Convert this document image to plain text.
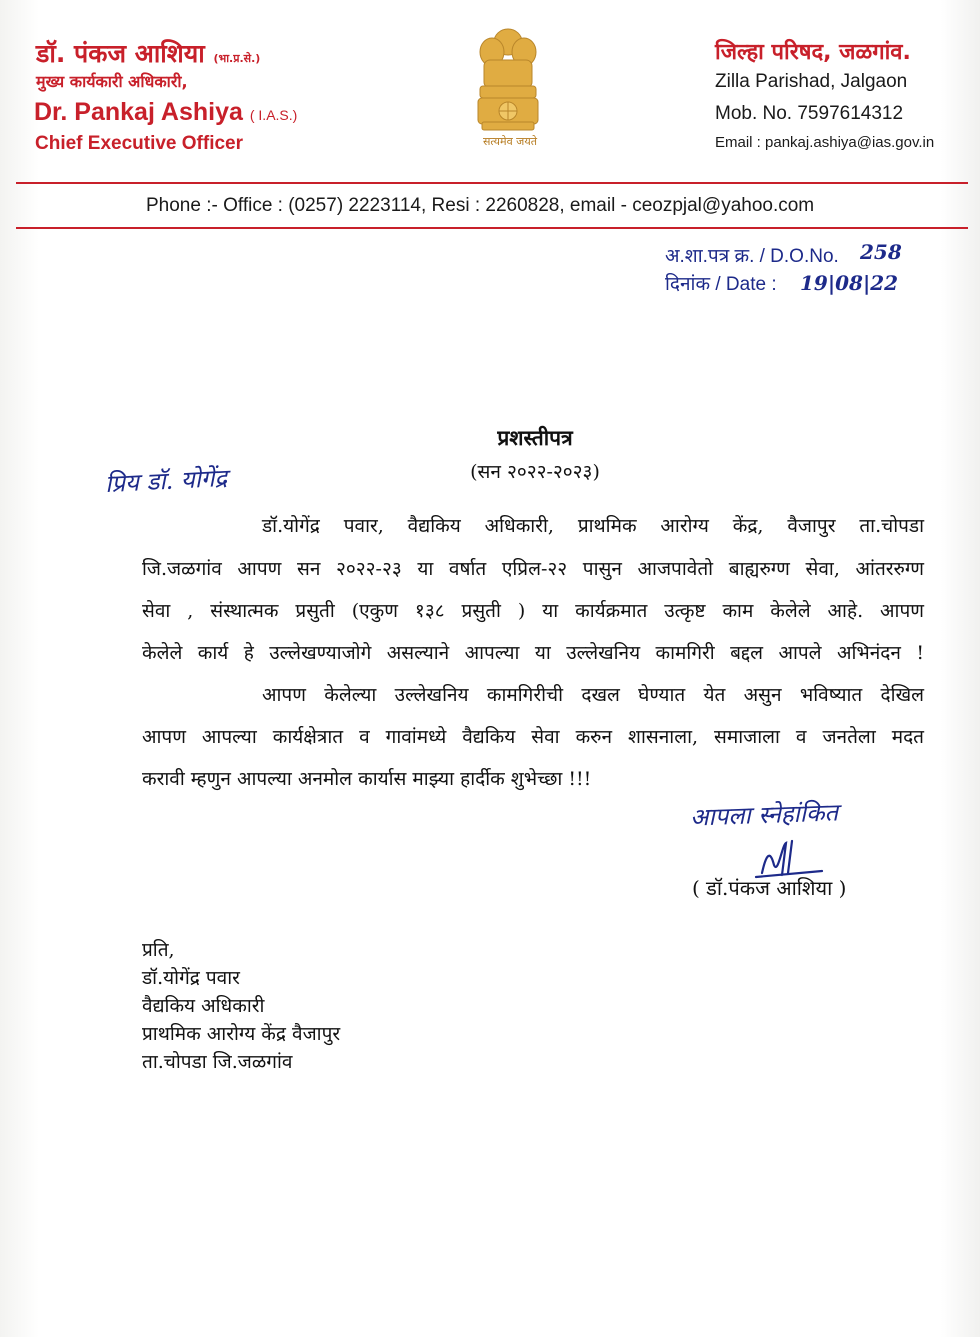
डॉ. पंकज आशिया (भा.प्र.से.)
मुख्य कार्यकारी अधिकारी,
Dr. Pankaj Ashiya ( I.A.S.)
Chief Executive Officer	सत्यमेव जयते
जिल्हा परिषद, जळगांव.
Zilla Parishad, Jalgaon
Mob. No. 7597614312
Email : pankaj.ashiya@ias.gov.in
Phone :- Office : (0257) 2223114, Resi : 2260828, email - ceozpjal@yahoo.com
अ.शा.पत्र क्र. / D.O.No. 258
दिनांक / Date : 19|08|22
प्रशस्तीपत्र
(सन २०२२-२०२३)
प्रिय डॉ. योगेंद्र
डॉ.योगेंद्र पवार, वैद्यकिय अधिकारी, प्राथमिक आरोग्य केंद्र, वैजापुर ता.चोपडा
जि.जळगांव आपण सन २०२२-२३ या वर्षात एप्रिल-२२ पासुन आजपावेतो बाह्यरुग्ण सेवा, आंतररुग्ण
सेवा , संस्थात्मक प्रसुती (एकुण १३८ प्रसुती ) या कार्यक्रमात उत्कृष्ट काम केलेले आहे. आपण
केलेले कार्य हे उल्लेखण्याजोगे असल्याने आपल्या या उल्लेखनिय कामगिरी बद्दल आपले अभिनंदन !
आपण केलेल्या उल्लेखनिय कामगिरीची दखल घेण्यात येत असुन भविष्यात देखिल
आपण आपल्या कार्यक्षेत्रात व गावांमध्ये वैद्यकिय सेवा करुन शासनाला, समाजाला व जनतेला मदत
करावी म्हणुन आपल्या अनमोल कार्यास माझ्या हार्दीक शुभेच्छा !!!
आपला स्नेहांकित
( डॉ.पंकज आशिया )
प्रति,
डॉ.योगेंद्र पवार
वैद्यकिय अधिकारी
प्राथमिक आरोग्य केंद्र वैजापुर
ता.चोपडा जि.जळगांव
